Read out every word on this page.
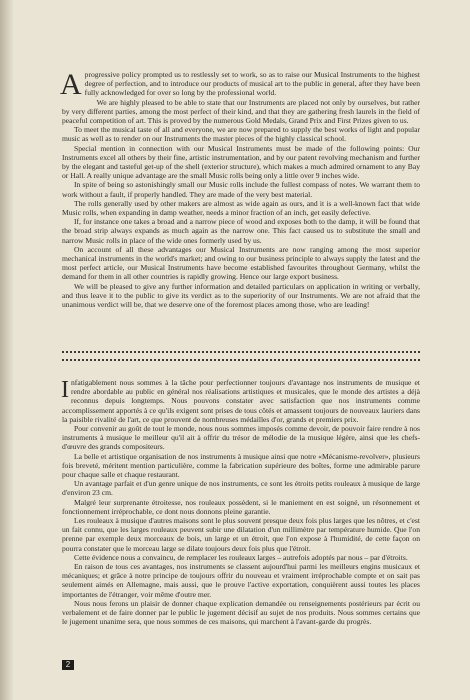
Aprogressive policy prompted us to restlessly set to work, so as to raise our Musical Instruments to the highest degree of perfection, and to introduce our products of musical art to the public in general, after they have been fully acknowledged for over so long by the professional world.

We are highly pleased to be able to state that our Instruments are placed not only by ourselves, but rather by very different parties, among the most perfect of their kind, and that they are gathering fresh laurels in the field of peaceful competition of art. This is proved by the numerous Gold Medals, Grand Prix and First Prizes given to us.

To meet the musical taste of all and everyone, we are now prepared to supply the best works of light and popular music as well as to render on our Instruments the master pieces of the highly classical school.

Special mention in connection with our Musical Instruments must be made of the following points: Our Instruments excel all others by their fine, artistic instrumentation, and by our patent revolving mechanism and further by the elegant and tasteful get-up of the shell (exterior structure), which makes a much admired ornament to any Bay or Hall. A really unique advantage are the small Music rolls being only a little over 9 inches wide.

In spite of being so astonishingly small our Music rolls include the fullest compass of notes. We warrant them to work without a fault, if properly handled. They are made of the very best material.

The rolls generally used by other makers are almost as wide again as ours, and it is a well-known fact that wide Music rolls, when expanding in damp weather, needs a minor fraction of an inch, get easily defective.

If, for instance one takes a broad and a narrow piece of wood and exposes both to the damp, it will be found that the broad strip always expands as much again as the narrow one. This fact caused us to substitute the small and narrow Music rolls in place of the wide ones formerly used by us.

On account of all these advantages our Musical Instruments are now ranging among the most superior mechanical instruments in the world's market; and owing to our business principle to always supply the latest and the most perfect article, our Musical Instruments have become established favourites throughout Germany, whilst the demand for them in all other countries is rapidly growing. Hence our large export business.

We will be pleased to give any further information and detailed particulars on application in writing or verbally, and thus leave it to the public to give its verdict as to the superiority of our Instruments. We are not afraid that the unanimous verdict will be, that we deserve one of the foremost places among those, who are leading!

Infatigablement nous sommes à la tâche pour perfectionner toujours d'avantage nos instruments de musique et rendre abordable au public en général nos réalisations artistiques et musicales, que le monde des artistes a déjà reconnus depuis longtemps. Nous pouvons constater avec satisfaction que nos instruments comme accomplissement apportés à ce qu'ils exigent sont prises de tous côtés et amassent toujours de nouveaux lauriers dans la paisible rivalité de l'art, ce que prouvent de nombreuses médailles d'or, grands et premiers prix.

Pour convenir au goût de tout le monde, nous nous sommes imposés comme devoir, de pouvoir faire rendre à nos instruments à musique le meilleur qu'il ait à offrir du trésor de mélodie de la musique légère, ainsi que les chefs-d'œuvre des grands compositeurs.

La belle et artistique organisation de nos instruments à musique ainsi que notre «Mécanisme-revolver», plusieurs fois breveté, méritent mention particulière, comme la fabrication supérieure des boîtes, forme une admirable parure pour chaque salle et chaque restaurant.

Un avantage parfait et d'un genre unique de nos instruments, ce sont les étroits petits rouleaux à musique de large d'environ 23 cm.

Malgré leur surprenante étroitesse, nos rouleaux possèdent, si le maniement en est soigné, un résonnement et fonctionnement irréprochable, ce dont nous donnons pleine garantie.

Les rouleaux à musique d'autres maisons sont le plus souvent presque deux fois plus larges que les nôtres, et c'est un fait connu, que les larges rouleaux peuvent subir une dilatation d'un millimètre par température humide. Que l'on prenne par exemple deux morceaux de bois, un large et un étroit, que l'on expose à l'humidité, de cette façon on pourra constater que le morceau large se dilate toujours deux fois plus que l'étroit.

Cette évidence nous a convaincu, de remplacer les rouleaux larges – autrefois adoptés par nous – par d'étroits.

En raison de tous ces avantages, nos instruments se classent aujourd'hui parmi les meilleurs engins musicaux et mécaniques; et grâce à notre principe de toujours offrir du nouveau et vraiment irréprochable compte et on sait pas seulement aimés en Allemagne, mais aussi, que le prouve l'active exportation, conquièrent aussi toutes les places importantes de l'étranger, voir même d'outre mer.

Nous nous ferons un plaisir de donner chaque explication demandée ou renseignements postérieurs par écrit ou verbalement et de faire donner par le public le jugement décisif au sujet de nos produits. Nous sommes certains que le jugement unanime sera, que nous sommes de ces maisons, qui marchent à l'avant-garde du progrès.

2
